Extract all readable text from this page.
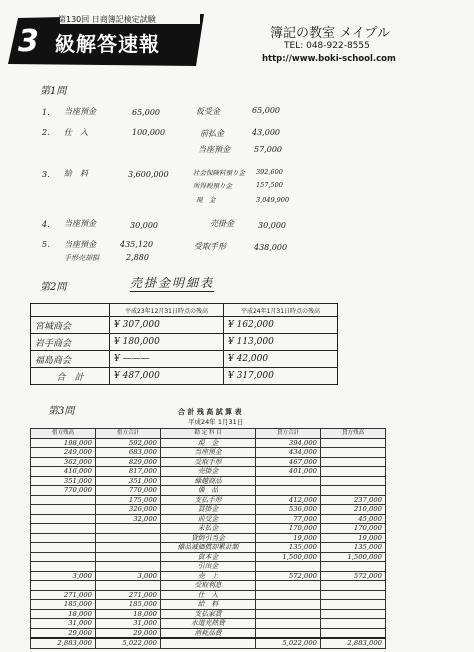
第130回 日商簿記検定試験
3 級解答速報	簿記の教室 メイプル
TEL: 048-922-8555
http://www.boki-school.com
第1問
1. 当座預金	65,000	仮受金	65,000
2. 仕　入	100,000	前払金	43,000
当座預金	57,000
3. 給　料	3,600,000	社会保険料預り金 392,600
所得税預り金	157,500
現　金	3,049,900
4. 当座預金	30,000	売掛金	30,000
5. 当座預金	435,120
手形売却損	2,880
受取手形	438,000
第2問	売掛金明細表
	平成23年12月31日時点の残高	平成24年1月31日時点の残高
宮城商会	¥ 307,000	¥ 162,000
岩手商会	¥ 180,000	¥ 113,000
福島商会	¥ ———	¥ 42,000
合　計	¥ 487,000	¥ 317,000
第3問	合 計 残 高 試 算 表
平成24年 1月31日
借方残高	借方合計	勘 定 科 目	貸方合計	貸方残高
198,000	592,000	現　金	394,000	
249,000	683,000	当座預金	434,000	
362,000	829,000	受取手形	467,000	
416,000	817,000	売掛金	401,000	
351,000	351,000	繰越商品		
770,000	770,000	備　品		
	175,000	支払手形	412,000	237,000
	326,000	買掛金	536,000	210,000
	32,000	前受金	77,000	45,000
		未払金	170,000	170,000
		貸倒引当金	19,000	19,000
		備品減価償却累計額	135,000	135,000
		資本金	1,500,000	1,500,000
		引出金		
3,000	3,000	売　上	572,000	572,000
		受取利息		
271,000	271,000	仕　入		
185,000	185,000	給　料		
18,000	18,000	支払家賃		
31,000	31,000	水道光熱費		
29,000	29,000	消耗品費		
2,883,000	5,022,000		5,022,000	2,883,000
